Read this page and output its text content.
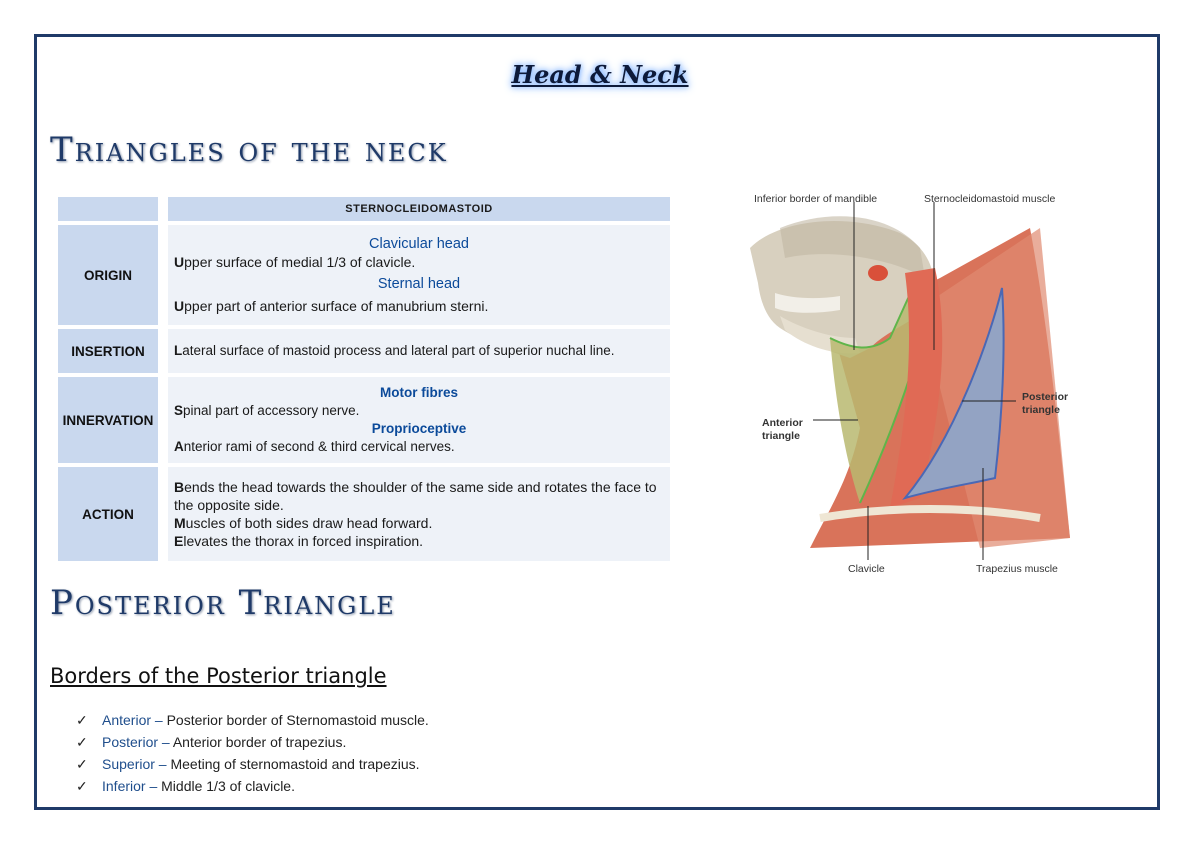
Head & Neck
Triangles of the neck
		STERNOCLEIDOMASTOID
ORIGIN		Clavicular head
Upper surface of medial 1/3 of clavicle.
Sternal head
Upper part of anterior surface of manubrium sterni.

INSERTION		Lateral surface of mastoid process and lateral part of superior nuchal line.
INNERVATION		Motor fibres
Spinal part of accessory nerve.
Proprioceptive
Anterior rami of second & third cervical nerves.

ACTION		Bends the head towards the shoulder of the same side and rotates the face to the opposite side.
Muscles of both sides draw head forward.
Elevates the thorax in forced inspiration.
Inferior border of mandible	Sternocleidomastoid muscle
Posterior
triangle
Anterior
triangle
Clavicle	Trapezius muscle
Posterior Triangle
Borders of the Posterior triangle
✓ Anterior – Posterior border of Sternomastoid muscle.
✓ Posterior – Anterior border of trapezius.
✓ Superior – Meeting of sternomastoid and trapezius.
✓ Inferior – Middle 1/3 of clavicle.
